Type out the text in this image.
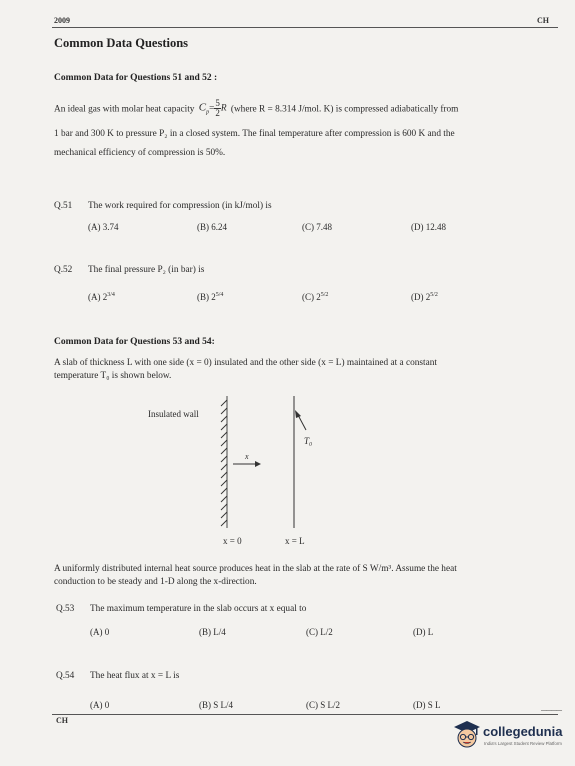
2009	CH
Common Data Questions
Common Data for Questions 51 and 52 :
An ideal gas with molar heat capacity $C_p= \frac{5}{2}$ R (where R = 8.314 J/mol. K) is compressed adiabatically from
1 bar and 300 K to pressure P₂ in a closed system. The final temperature after compression is 600 K and the
mechanical efficiency of compression is 50%.
Q.51 The work required for compression (in kJ/mol) is
(A) 3.74	(B) 6.24	(C) 7.48	(D) 12.48
Q.52 The final pressure P₂ (in bar) is
(A) $2^{3/4}$	(B) $2^{5/4}$	(C) $2^{5/2}$	(D) $2^{5/2}$
Common Data for Questions 53 and 54:
A slab of thickness L with one side (x = 0) insulated and the other side (x = L) maintained at a constant
temperature T₀ is shown below.
Insulated wall
T₀
x
x = 0	x = L
A uniformly distributed internal heat source produces heat in the slab at the rate of S W/m³. Assume the heat
conduction to be steady and 1-D along the x-direction.
Q.53 The maximum temperature in the slab occurs at x equal to
(A) 0	(B) L/4	(C) L/2	(D) L
Q.54 The heat flux at x = L is
(A) 0	(B) S L/4	(C) S L/2	(D) S L
CH
————
collegedunia
India's Largest Student Review Platform
